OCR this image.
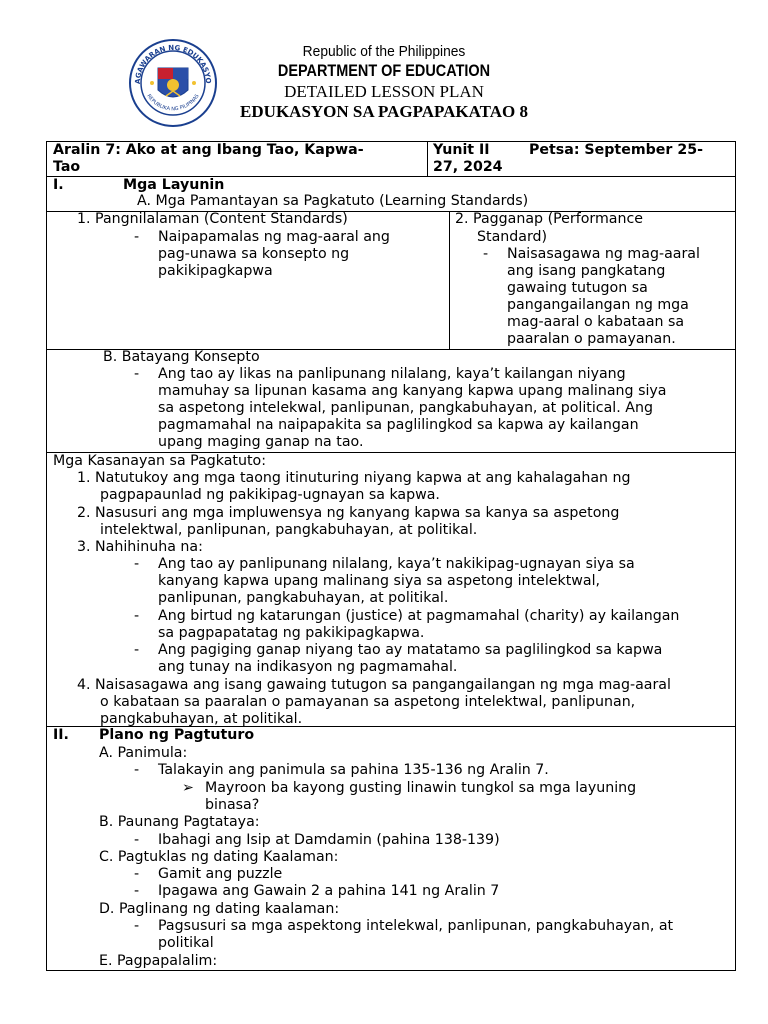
AGAWARAN NG EDUKASYO
REPUBLIKA NG PILIPINAS
Republic of the Philippines
DEPARTMENT OF EDUCATION
DETAILED LESSON PLAN
EDUKASYON SA PAGPAPAKATAO 8
Aralin 7: Ako at ang Ibang Tao, Kapwa-
Tao
Yunit II	Petsa: September 25-
27, 2024
I.	Mga Layunin
A. Mga Pamantayan sa Pagkatuto (Learning Standards)
1. Pangnilalaman (Content Standards)
- Naipapamalas ng mag-aaral ang
pag-unawa sa konsepto ng
pakikipagkapwa
2. Pagganap (Performance
Standard)
- Naisasagawa ng mag-aaral
ang isang pangkatang
gawaing tutugon sa
pangangailangan ng mga
mag-aaral o kabataan sa
paaralan o pamayanan.
B. Batayang Konsepto
- Ang tao ay likas na panlipunang nilalang, kaya’t kailangan niyang
mamuhay sa lipunan kasama ang kanyang kapwa upang malinang siya
sa aspetong intelekwal, panlipunan, pangkabuhayan, at political. Ang
pagmamahal na naipapakita sa paglilingkod sa kapwa ay kailangan
upang maging ganap na tao.
Mga Kasanayan sa Pagkatuto:
1. Natutukoy ang mga taong itinuturing niyang kapwa at ang kahalagahan ng
pagpapaunlad ng pakikipag-ugnayan sa kapwa.
2. Nasusuri ang mga impluwensya ng kanyang kapwa sa kanya sa aspetong
intelektwal, panlipunan, pangkabuhayan, at politikal.
3. Nahihinuha na:
- Ang tao ay panlipunang nilalang, kaya’t nakikipag-ugnayan siya sa
kanyang kapwa upang malinang siya sa aspetong intelektwal,
panlipunan, pangkabuhayan, at politikal.
- Ang birtud ng katarungan (justice) at pagmamahal (charity) ay kailangan
sa pagpapatatag ng pakikipagkapwa.
- Ang pagiging ganap niyang tao ay matatamo sa paglilingkod sa kapwa
ang tunay na indikasyon ng pagmamahal.
4. Naisasagawa ang isang gawaing tutugon sa pangangailangan ng mga mag-aaral
o kabataan sa paaralan o pamayanan sa aspetong intelektwal, panlipunan,
pangkabuhayan, at politikal.
II. Plano ng Pagtuturo
A. Panimula:
- Talakayin ang panimula sa pahina 135-136 ng Aralin 7.
➢ Mayroon ba kayong gusting linawin tungkol sa mga layuning
binasa?
B. Paunang Pagtataya:
- Ibahagi ang Isip at Damdamin (pahina 138-139)
C. Pagtuklas ng dating Kaalaman:
- Gamit ang puzzle
- Ipagawa ang Gawain 2 a pahina 141 ng Aralin 7
D. Paglinang ng dating kaalaman:
- Pagsusuri sa mga aspektong intelekwal, panlipunan, pangkabuhayan, at
politikal
E. Pagpapalalim:
